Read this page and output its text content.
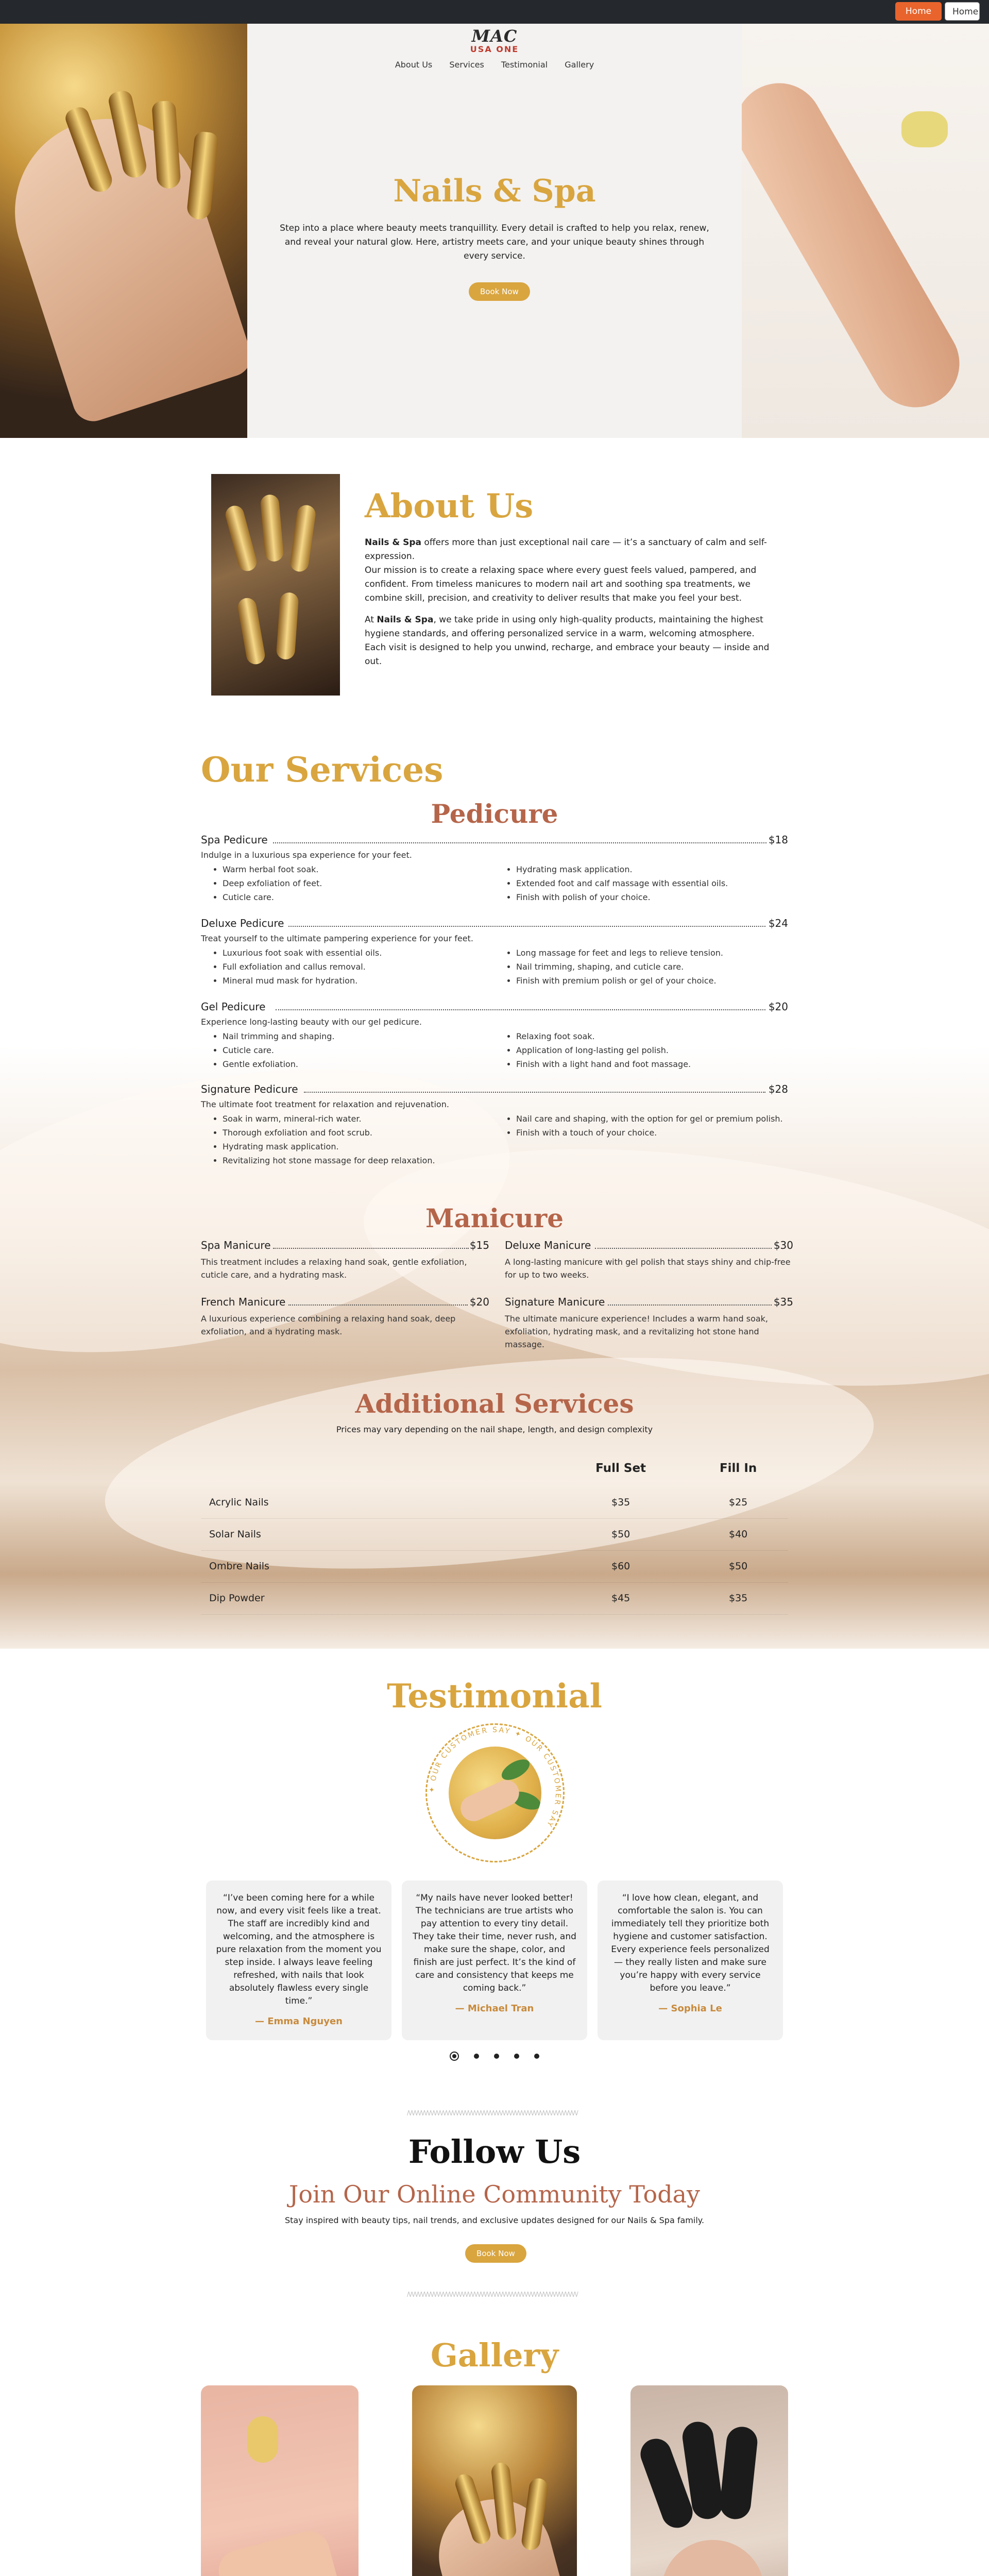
Home	Home
MAC
USA ONE
About Us Services Testimonial Gallery
Nails & Spa
Step into a place where beauty meets tranquillity. Every detail is crafted to help you relax, renew, and reveal your natural glow. Here, artistry meets care, and your unique beauty shines through every service.
Book Now
About Us
Nails & Spa offers more than just exceptional nail care — it’s a sanctuary of calm and self-expression.
Our mission is to create a relaxing space where every guest feels valued, pampered, and confident. From timeless manicures to modern nail art and soothing spa treatments, we combine skill, precision, and creativity to deliver results that make you feel your best.
At Nails & Spa, we take pride in using only high-quality products, maintaining the highest hygiene standards, and offering personalized service in a warm, welcoming atmosphere. Each visit is designed to help you unwind, recharge, and embrace your beauty — inside and out.
Our Services
Pedicure
Spa Pedicure	$18
Indulge in a luxurious spa experience for your feet.
• Warm herbal foot soak.
• Deep exfoliation of feet.
• Cuticle care.
• Hydrating mask application.
• Extended foot and calf massage with essential oils.
• Finish with polish of your choice.
Deluxe Pedicure	$24
Treat yourself to the ultimate pampering experience for your feet.
• Luxurious foot soak with essential oils.
• Full exfoliation and callus removal.
• Mineral mud mask for hydration.
• Long massage for feet and legs to relieve tension.
• Nail trimming, shaping, and cuticle care.
• Finish with premium polish or gel of your choice.
Gel Pedicure	$20
Experience long-lasting beauty with our gel pedicure.
• Nail trimming and shaping.
• Cuticle care.
• Gentle exfoliation.
• Relaxing foot soak.
• Application of long-lasting gel polish.
• Finish with a light hand and foot massage.
Signature Pedicure	$28
The ultimate foot treatment for relaxation and rejuvenation.
• Soak in warm, mineral-rich water.
• Thorough exfoliation and foot scrub.
• Hydrating mask application.
• Revitalizing hot stone massage for deep relaxation.
• Nail care and shaping, with the option for gel or premium polish.
• Finish with a touch of your choice.
Manicure
Spa Manicure	$15
This treatment includes a relaxing hand soak, gentle exfoliation, cuticle care, and a hydrating mask.
Deluxe Manicure	$30
A long-lasting manicure with gel polish that stays shiny and chip-free for up to two weeks.
French Manicure	$20
A luxurious experience combining a relaxing hand soak, deep exfoliation, and a hydrating mask.
Signature Manicure	$35
The ultimate manicure experience! Includes a warm hand soak, exfoliation, hydrating mask, and a revitalizing hot stone hand massage.
Additional Services
Prices may vary depending on the nail shape, length, and design complexity
	Full Set	Fill In
Acrylic Nails	$35	$25
Solar Nails	$50	$40
Ombre Nails	$60	$50
Dip Powder	$45	$35
Testimonial
✦ OUR CUSTOMER SAY ✦ OUR CUSTOMER SAY
“I’ve been coming here for a while now, and every visit feels like a treat. The staff are incredibly kind and welcoming, and the atmosphere is pure relaxation from the moment you step inside. I always leave feeling refreshed, with nails that look absolutely flawless every single time.”
— Emma Nguyen
“My nails have never looked better! The technicians are true artists who pay attention to every tiny detail. They take their time, never rush, and make sure the shape, color, and finish are just perfect. It’s the kind of care and consistency that keeps me coming back.”
— Michael Tran
“I love how clean, elegant, and comfortable the salon is. You can immediately tell they prioritize both hygiene and customer satisfaction. Every experience feels personalized — they really listen and make sure you’re happy with every service before you leave.”
— Sophia Le

/\/\/\/\/\/\/\/\/\/\/\/\/\/\/\/\/\/\/\/\/\/\/\/\/\/\/\/\/\/\/\/\/\/\/\/\/\/\/\/\/\/\/\/\/\/\/\/\/\/\/\/\/\/\/
Follow Us
Join Our Online Community Today
Stay inspired with beauty tips, nail trends, and exclusive updates designed for our Nails & Spa family.
Book Now
/\/\/\/\/\/\/\/\/\/\/\/\/\/\/\/\/\/\/\/\/\/\/\/\/\/\/\/\/\/\/\/\/\/\/\/\/\/\/\/\/\/\/\/\/\/\/\/\/\/\/\/\/\/\/
Gallery
